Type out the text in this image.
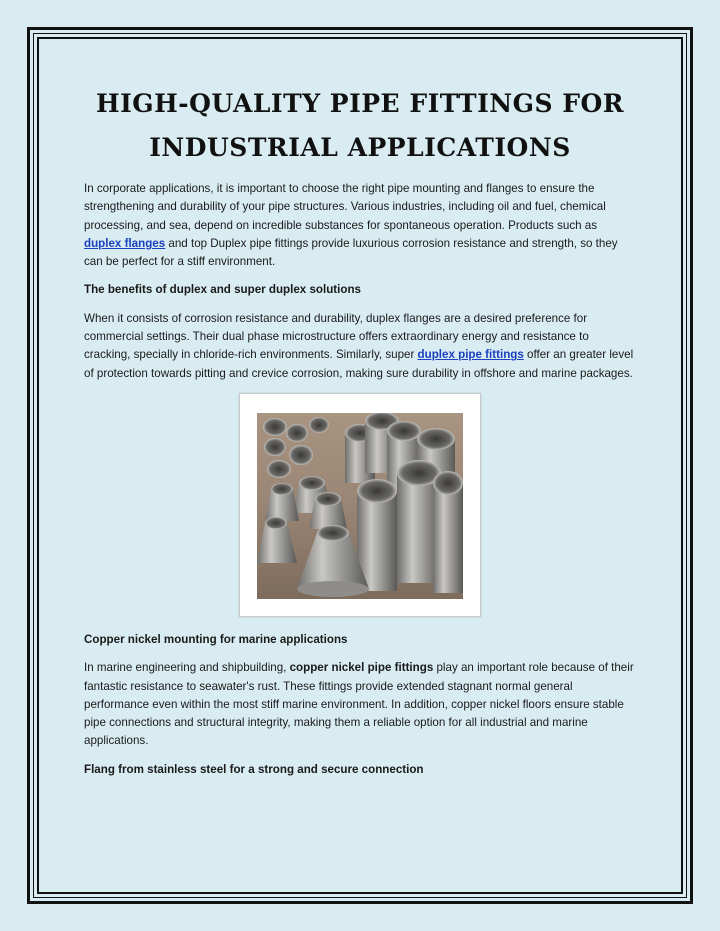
HIGH-QUALITY PIPE FITTINGS FOR
INDUSTRIAL APPLICATIONS

In corporate applications, it is important to choose the right pipe mounting and flanges to ensure the strengthening and durability of your pipe structures. Various industries, including oil and fuel, chemical processing, and sea, depend on incredible substances for spontaneous operation. Products such as duplex flanges and top Duplex pipe fittings provide luxurious corrosion resistance and strength, so they can be perfect for a stiff environment.

The benefits of duplex and super duplex solutions

When it consists of corrosion resistance and durability, duplex flanges are a desired preference for commercial settings. Their dual phase microstructure offers extraordinary energy and resistance to cracking, specially in chloride-rich environments. Similarly, super duplex pipe fittings offer an greater level of protection towards pitting and crevice corrosion, making sure durability in offshore and marine packages.

Copper nickel mounting for marine applications

In marine engineering and shipbuilding, copper nickel pipe fittings play an important role because of their fantastic resistance to seawater's rust. These fittings provide extended stagnant normal general performance even within the most stiff marine environment. In addition, copper nickel floors ensure stable pipe connections and structural integrity, making them a reliable option for all industrial and marine applications.

Flang from stainless steel for a strong and secure connection
